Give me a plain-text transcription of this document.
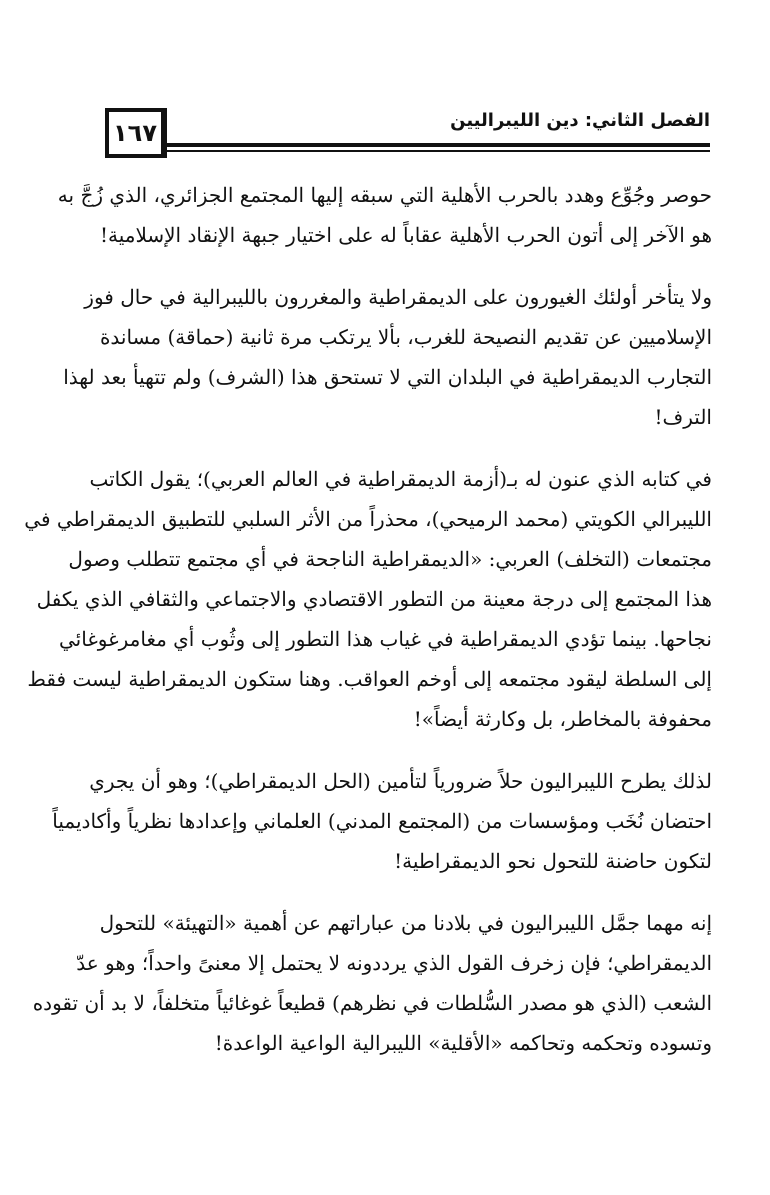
١٦٧	الفصل الثاني: دين الليبراليين
حوصر وجُوِّع وهدد بالحرب الأهلية التي سبقه إليها المجتمع الجزائري، الذي زُجَّ به
هو الآخر إلى أتون الحرب الأهلية عقاباً له على اختيار جبهة الإنقاد الإسلامية!
ولا يتأخر أولئك الغيورون على الديمقراطية والمغررون بالليبرالية في حال فوز
الإسلاميين عن تقديم النصيحة للغرب، بألا يرتكب مرة ثانية (حماقة) مساندة
التجارب الديمقراطية في البلدان التي لا تستحق هذا (الشرف) ولم تتهيأ بعد لهذا
الترف!
في كتابه الذي عنون له بـ(أزمة الديمقراطية في العالم العربي)؛ يقول الكاتب
الليبرالي الكويتي (محمد الرميحي)، محذراً من الأثر السلبي للتطبيق الديمقراطي في
مجتمعات (التخلف) العربي: «الديمقراطية الناجحة في أي مجتمع تتطلب وصول
هذا المجتمع إلى درجة معينة من التطور الاقتصادي والاجتماعي والثقافي الذي يكفل
نجاحها. بينما تؤدي الديمقراطية في غياب هذا التطور إلى وثُوب أي مغامرغوغائي
إلى السلطة ليقود مجتمعه إلى أوخم العواقب. وهنا ستكون الديمقراطية ليست فقط
محفوفة بالمخاطر، بل وكارثة أيضاً»!
لذلك يطرح الليبراليون حلاً ضرورياً لتأمين (الحل الديمقراطي)؛ وهو أن يجري
احتضان نُخَب ومؤسسات من (المجتمع المدني) العلماني وإعدادها نظرياً وأكاديمياً
لتكون حاضنة للتحول نحو الديمقراطية!
إنه مهما جمَّل الليبراليون في بلادنا من عباراتهم عن أهمية «التهيئة» للتحول
الديمقراطي؛ فإن زخرف القول الذي يرددونه لا يحتمل إلا معنىً واحداً؛ وهو عدّ
الشعب (الذي هو مصدر السُّلطات في نظرهم) قطيعاً غوغائياً متخلفاً، لا بد أن تقوده
وتسوده وتحكمه وتحاكمه «الأقلية» الليبرالية الواعية الواعدة!
